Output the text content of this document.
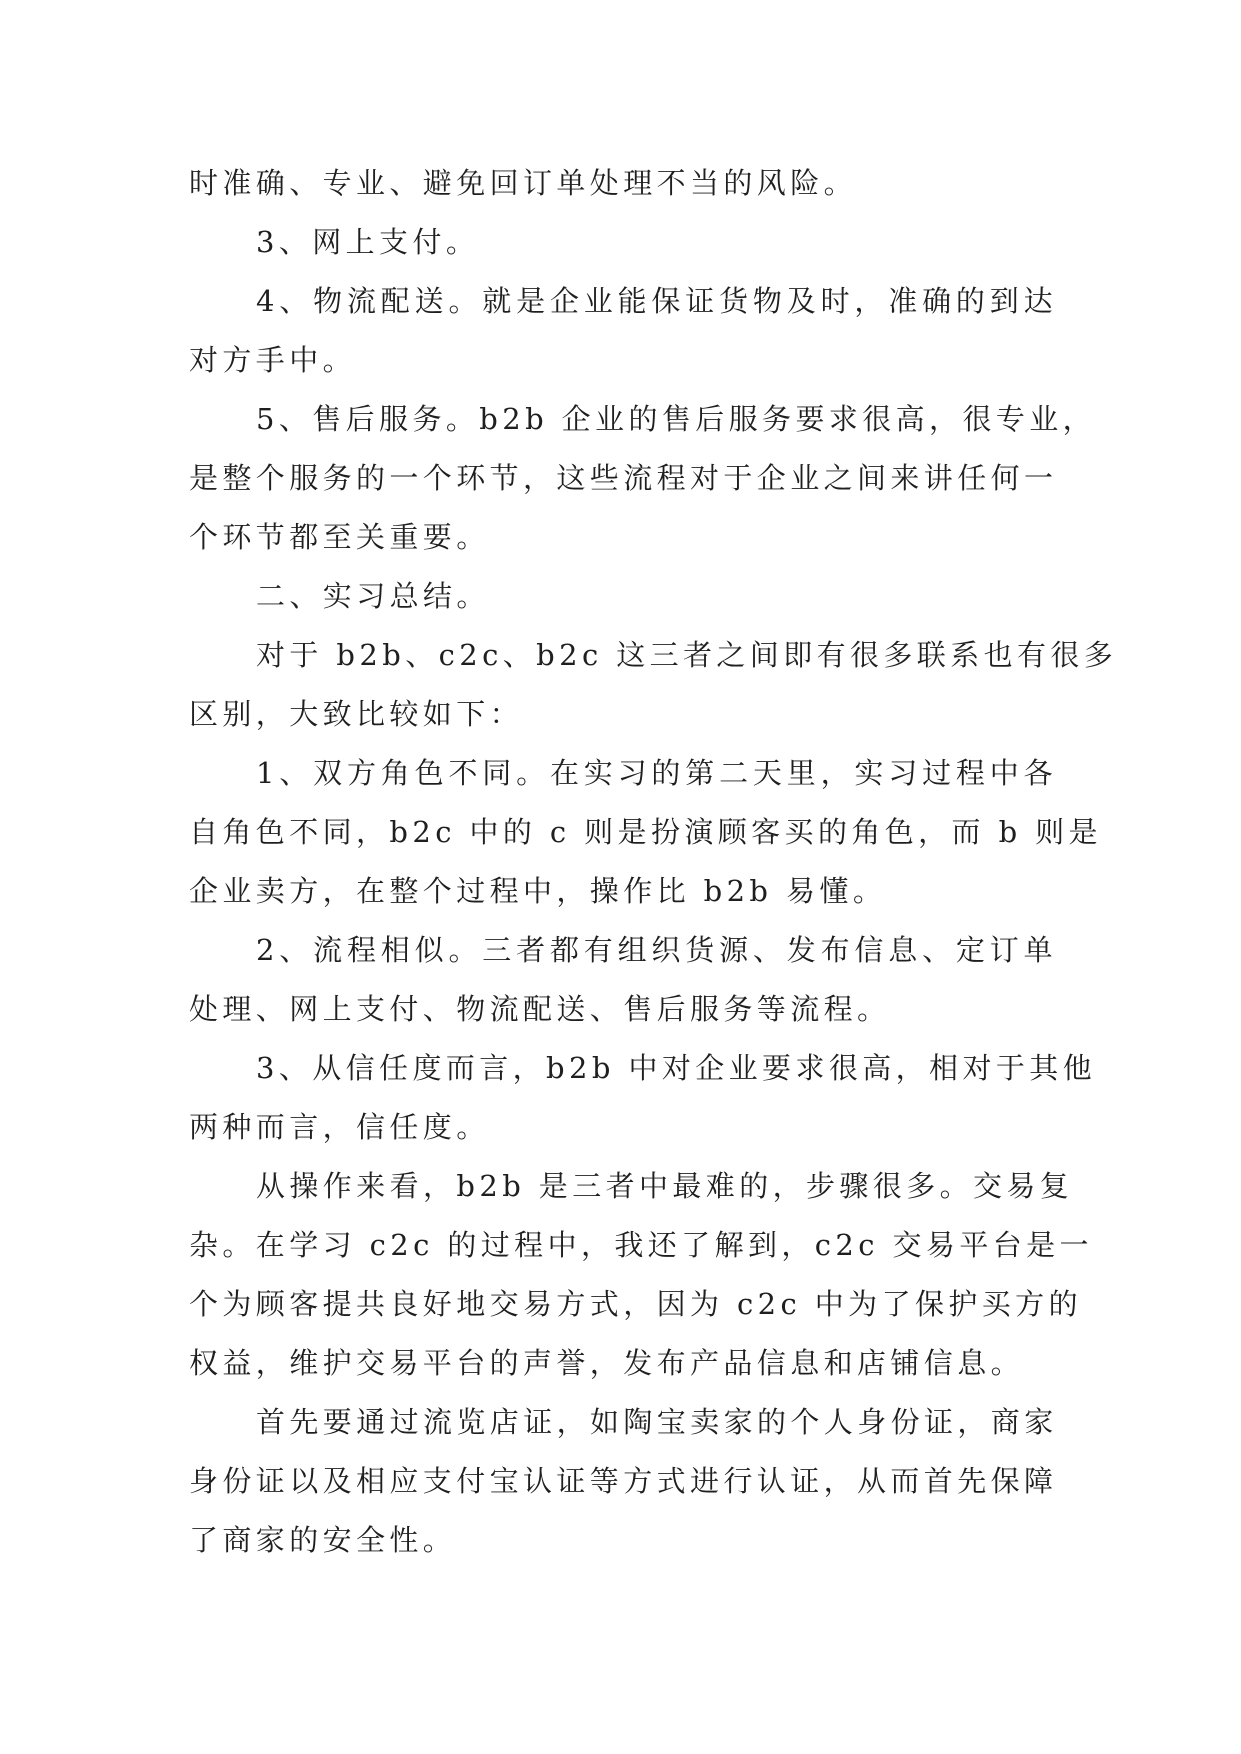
时准确、专业、避免回订单处理不当的风险。
3、网上支付。
4、物流配送。就是企业能保证货物及时，准确的到达
对方手中。
5、售后服务。b2b 企业的售后服务要求很高，很专业，
是整个服务的一个环节，这些流程对于企业之间来讲任何一
个环节都至关重要。
二、实习总结。
对于 b2b、c2c、b2c 这三者之间即有很多联系也有很多
区别，大致比较如下：
1、双方角色不同。在实习的第二天里，实习过程中各
自角色不同，b2c 中的 c 则是扮演顾客买的角色，而 b 则是
企业卖方，在整个过程中，操作比 b2b 易懂。
2、流程相似。三者都有组织货源、发布信息、定订单
处理、网上支付、物流配送、售后服务等流程。
3、从信任度而言，b2b 中对企业要求很高，相对于其他
两种而言，信任度。
从操作来看，b2b 是三者中最难的，步骤很多。交易复
杂。在学习 c2c 的过程中，我还了解到，c2c 交易平台是一
个为顾客提共良好地交易方式，因为 c2c 中为了保护买方的
权益，维护交易平台的声誉，发布产品信息和店铺信息。
首先要通过流览店证，如陶宝卖家的个人身份证，商家
身份证以及相应支付宝认证等方式进行认证，从而首先保障
了商家的安全性。
